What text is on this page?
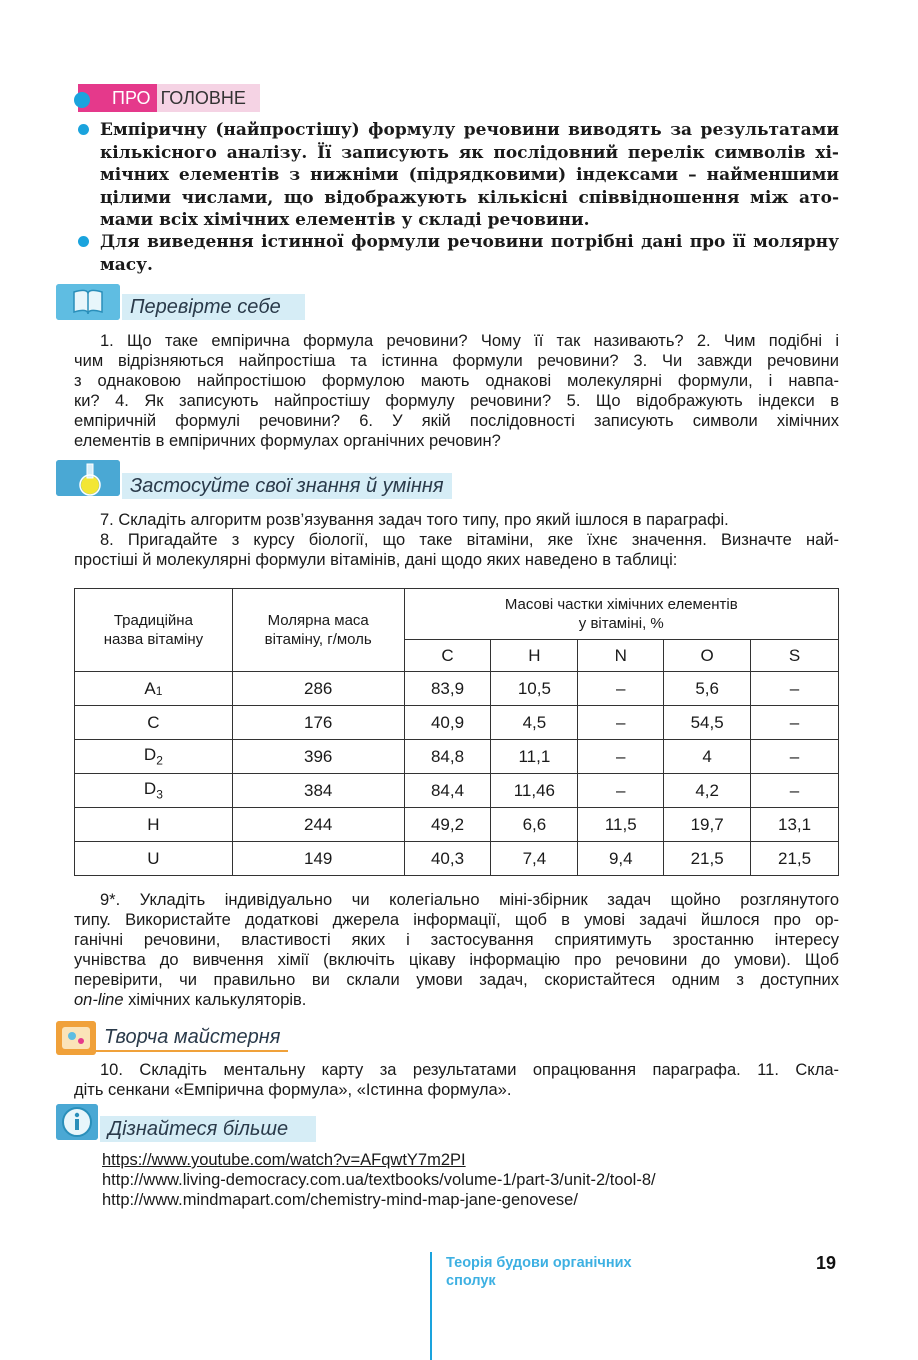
ПРО ГОЛОВНЕ
Емпіричну (найпростішу) формулу речовини виводять за результатами
кількісного аналізу. Її записують як послідовний перелік символів хі-
мічних елементів з нижніми (підрядковими) індексами – найменшими
цілими числами, що відображують кількісні співвідношення між ато-
мами всіх хімічних елементів у складі речовини.
Для виведення істинної формули речовини потрібні дані про її молярну
масу.
Перевірте себе
1. Що таке емпірична формула речовини? Чому її так називають? 2. Чим подібні і
чим відрізняються найпростіша та істинна формули речовини? 3. Чи завжди речовини
з однаковою найпростішою формулою мають однакові молекулярні формули, і навпа-
ки? 4. Як записують найпростішу формулу речовини? 5. Що відображують індекси в
емпіричній формулі речовини? 6. У якій послідовності записують символи хімічних
елементів в емпіричних формулах органічних речовин?
Застосуйте свої знання й уміння
7. Складіть алгоритм розв’язування задач того типу, про який ішлося в параграфі.
8. Пригадайте з курсу біології, що таке вітаміни, яке їхнє значення. Визначте най-
простіші й молекулярні формули вітамінів, дані щодо яких наведено в таблиці:
Традиційна
назва вітаміну	Молярна маса
вітаміну, г/моль	Масові частки хімічних елементів
у вітаміні, %				
		C	H	N	O	S
A1	286	83,9	10,5	–	5,6	–
C	176	40,9	4,5	–	54,5	–
$D_2$	396	84,8	11,1	–	4	–
$D_3$	384	84,4	11,46	–	4,2	–
H	244	49,2	6,6	11,5	19,7	13,1
U	149	40,3	7,4	9,4	21,5	21,5
9*. Укладіть індивідуально чи колегіально міні-збірник задач щойно розглянутого
типу. Використайте додаткові джерела інформації, щоб в умові задачі йшлося про ор-
ганічні речовини, властивості яких і застосування сприятимуть зростанню інтересу
учнівства до вивчення хімії (включіть цікаву інформацію про речовини до умови). Щоб
перевірити, чи правильно ви склали умови задач, скористайтеся одним з доступних
on-line хімічних калькуляторів.
Творча майстерня
10. Складіть ментальну карту за результатами опрацювання параграфа. 11. Скла-
діть сенкани «Емпірична формула», «Істинна формула».
Дізнайтеся більше
https://www.youtube.com/watch?v=AFqwtY7m2PI
http://www.living-democracy.com.ua/textbooks/volume-1/part-3/unit-2/tool-8/
http://www.mindmapart.com/chemistry-mind-map-jane-genovese/
Теорія будови органічних
сполук
19
